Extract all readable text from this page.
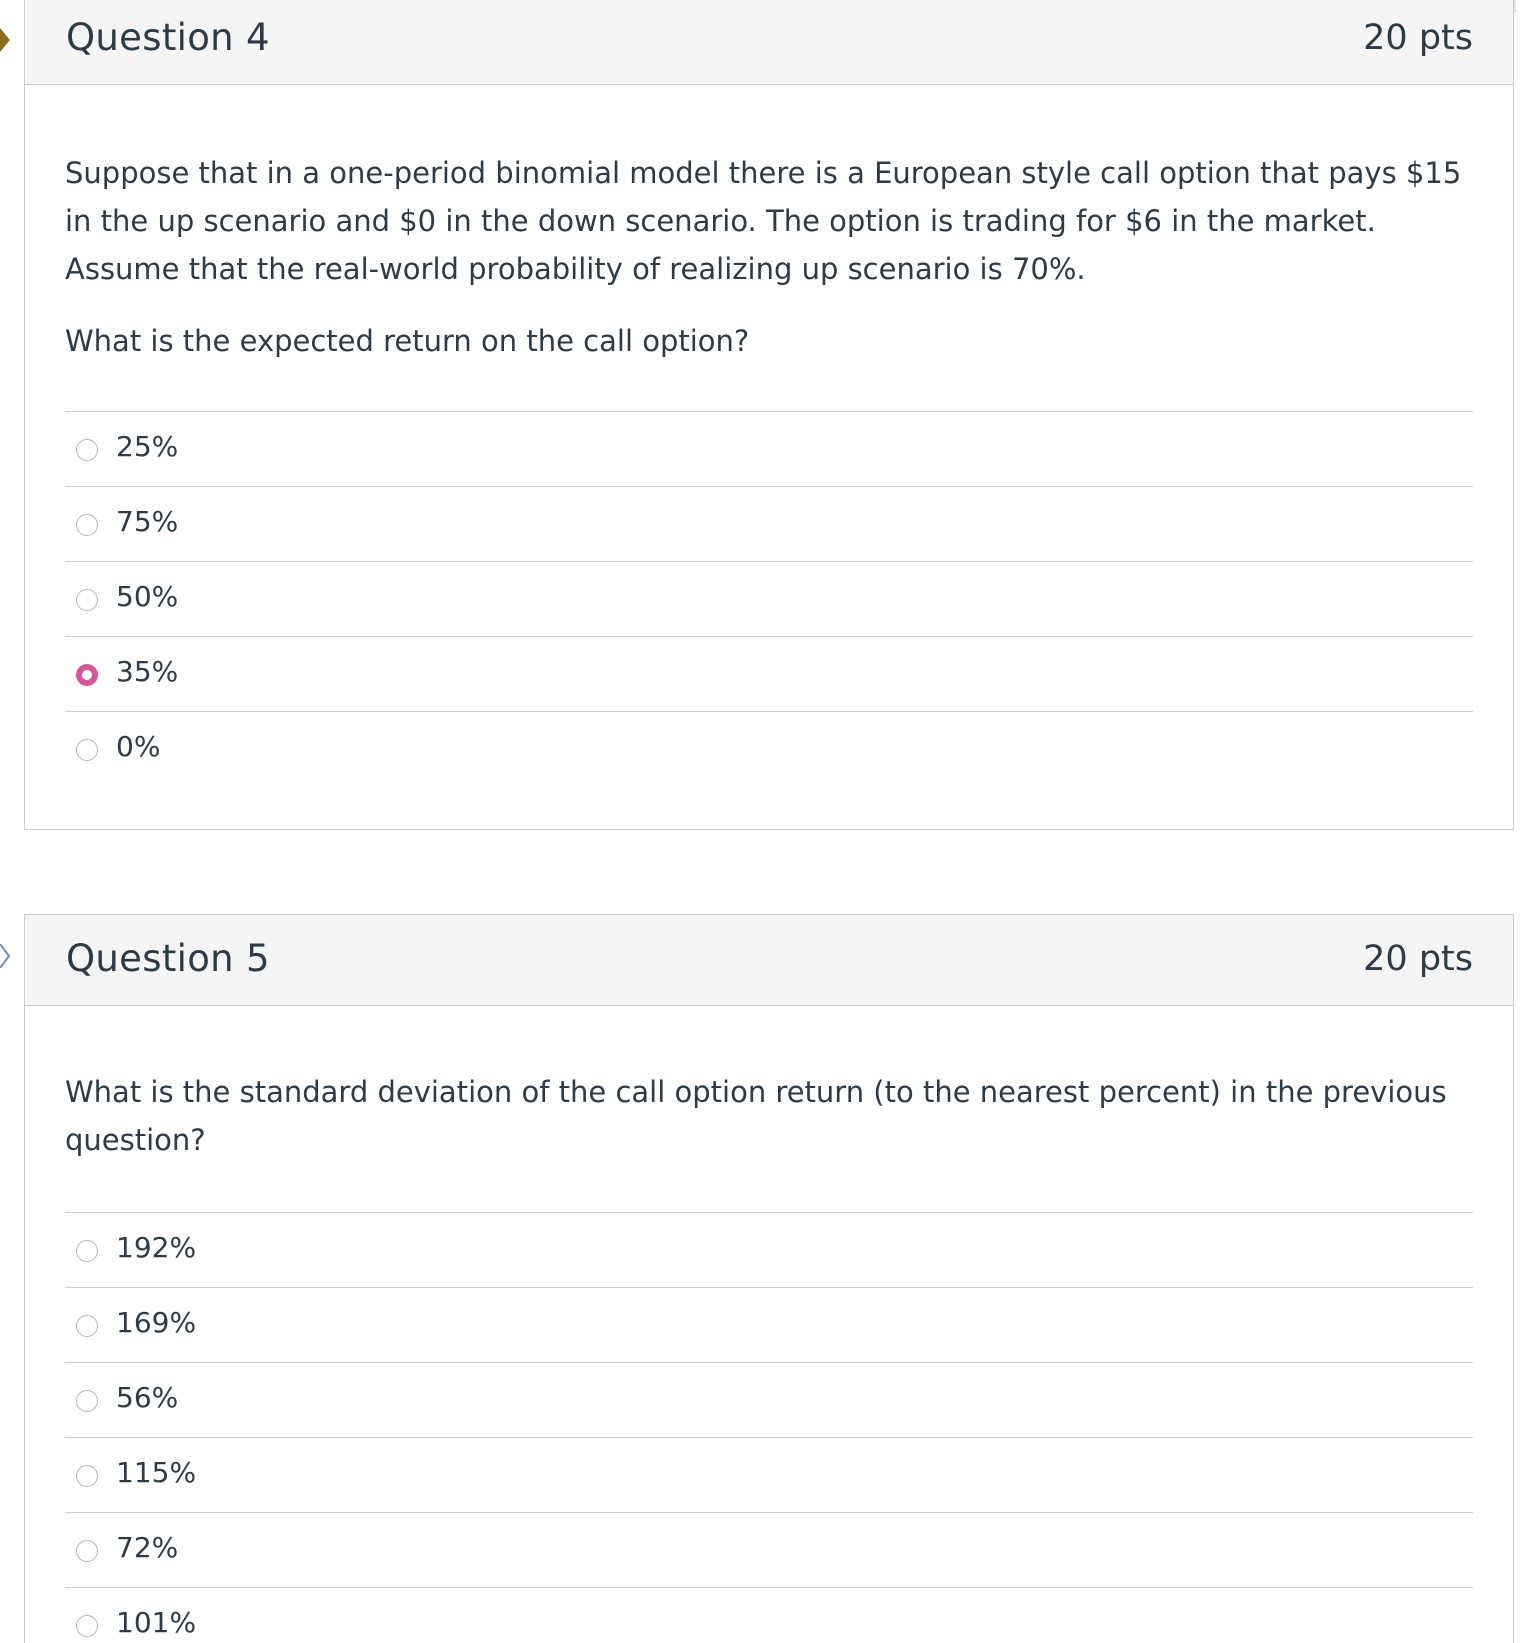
Question 4	20 pts

Suppose that in a one-period binomial model there is a European style call option that pays $15 in the up scenario and $0 in the down scenario. The option is trading for $6 in the market. Assume that the real-world probability of realizing up scenario is 70%.

What is the expected return on the call option?

25%
75%
50%
35%
0%
Question 5	20 pts

What is the standard deviation of the call option return (to the nearest percent) in the previous question?

192%
169%
56%
115%
72%
101%
